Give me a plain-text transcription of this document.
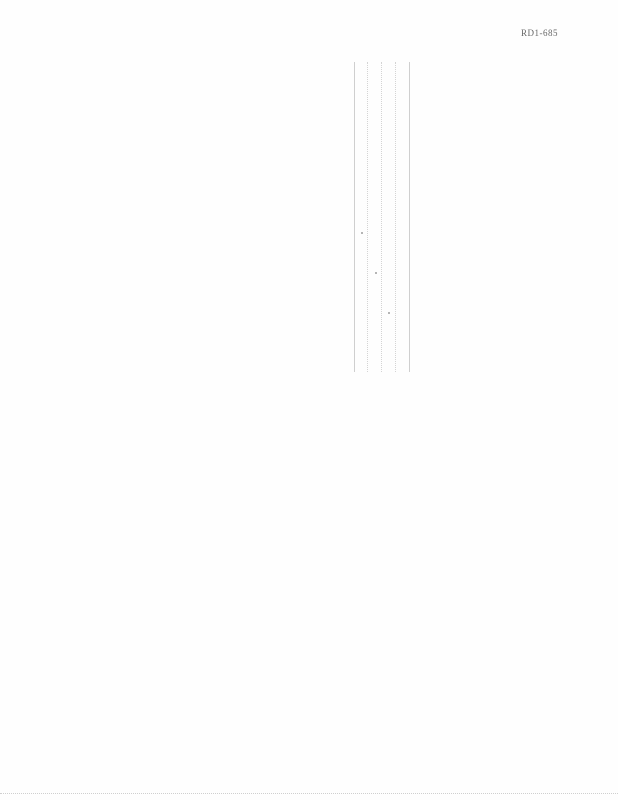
RD1-685
